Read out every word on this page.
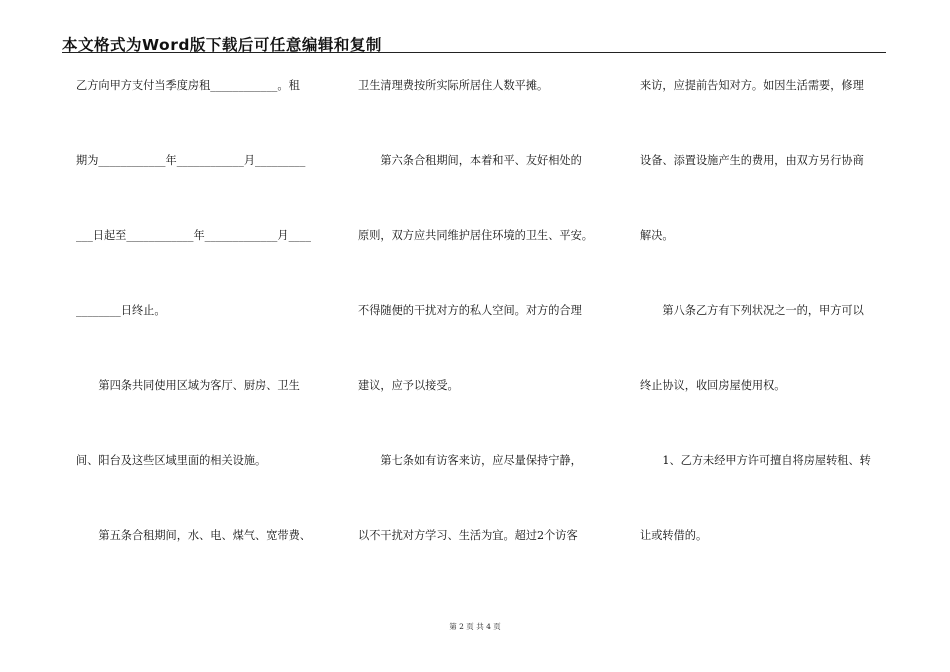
本文格式为Word版下载后可任意编辑和复制
乙方向甲方支付当季度房租____________。租
期为____________年____________月_________
___日起至____________年_____________月____
________日终止。
　　第四条共同使用区域为客厅、厨房、卫生
间、阳台及这些区域里面的相关设施。
　　第五条合租期间，水、电、煤气、宽带费、
卫生清理费按所实际所居住人数平摊。
　　第六条合租期间，本着和平、友好相处的
原则，双方应共同维护居住环境的卫生、平安。
不得随便的干扰对方的私人空间。对方的合理
建议，应予以接受。
　　第七条如有访客来访，应尽量保持宁静，
以不干扰对方学习、生活为宜。超过2个访客
来访，应提前告知对方。如因生活需要，修理
设备、添置设施产生的费用，由双方另行协商
解决。
　　第八条乙方有下列状况之一的，甲方可以
终止协议，收回房屋使用权。
　　1、乙方未经甲方许可擅自将房屋转租、转
让或转借的。
第 2 页 共 4 页
